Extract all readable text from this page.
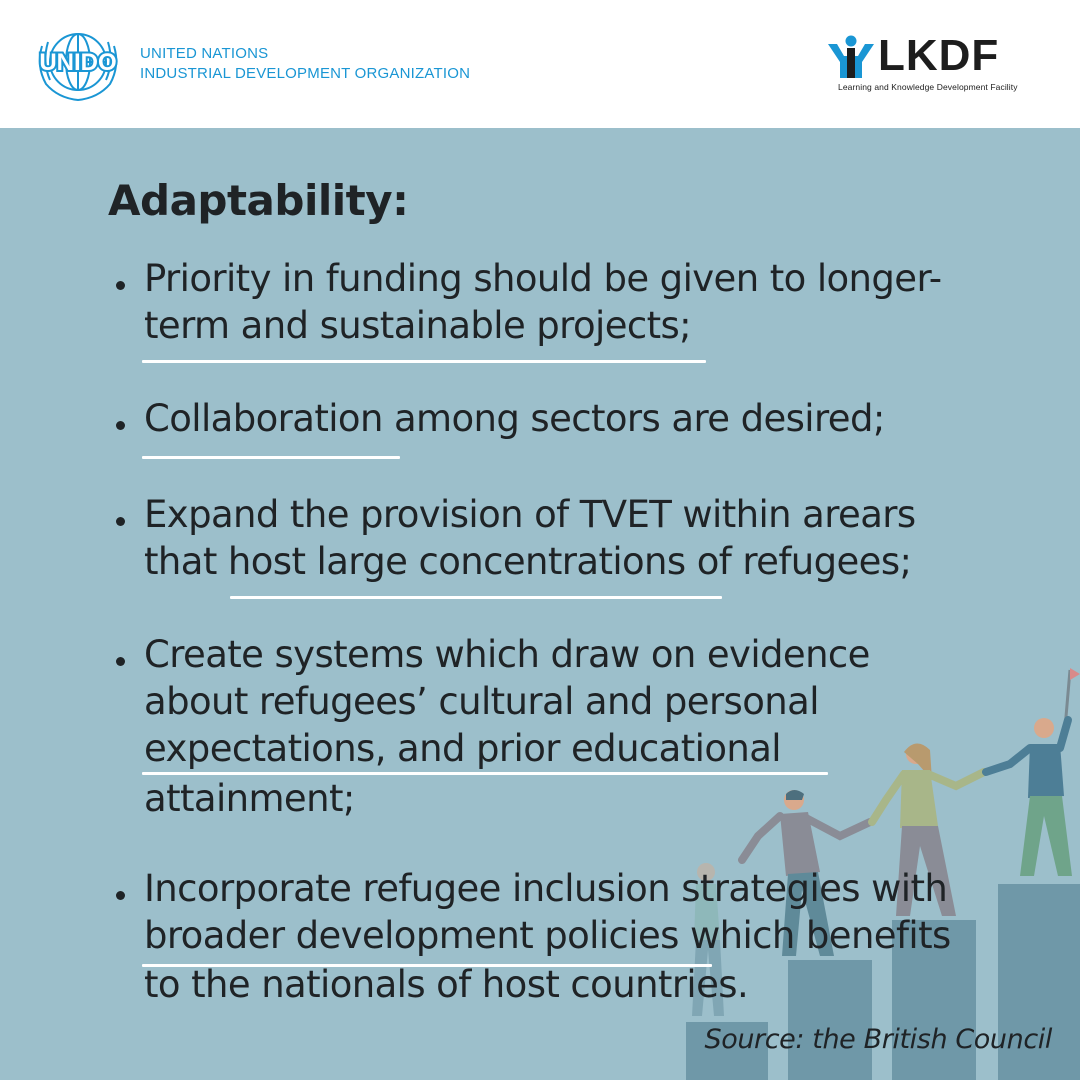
UNIDO UNITED NATIONS
INDUSTRIAL DEVELOPMENT ORGANIZATION	LKDF
Learning and Knowledge Development Facility
Adaptability:
Priority in funding should be given to longer-
term and sustainable projects;
Collaboration among sectors are desired;
Expand the provision of TVET within arears
that host large concentrations of refugees;
Create systems which draw on evidence
about refugees’ cultural and personal
expectations, and prior educational
attainment;
Incorporate refugee inclusion strategies with
broader development policies which benefits
to the nationals of host countries.
Source: the British Council
